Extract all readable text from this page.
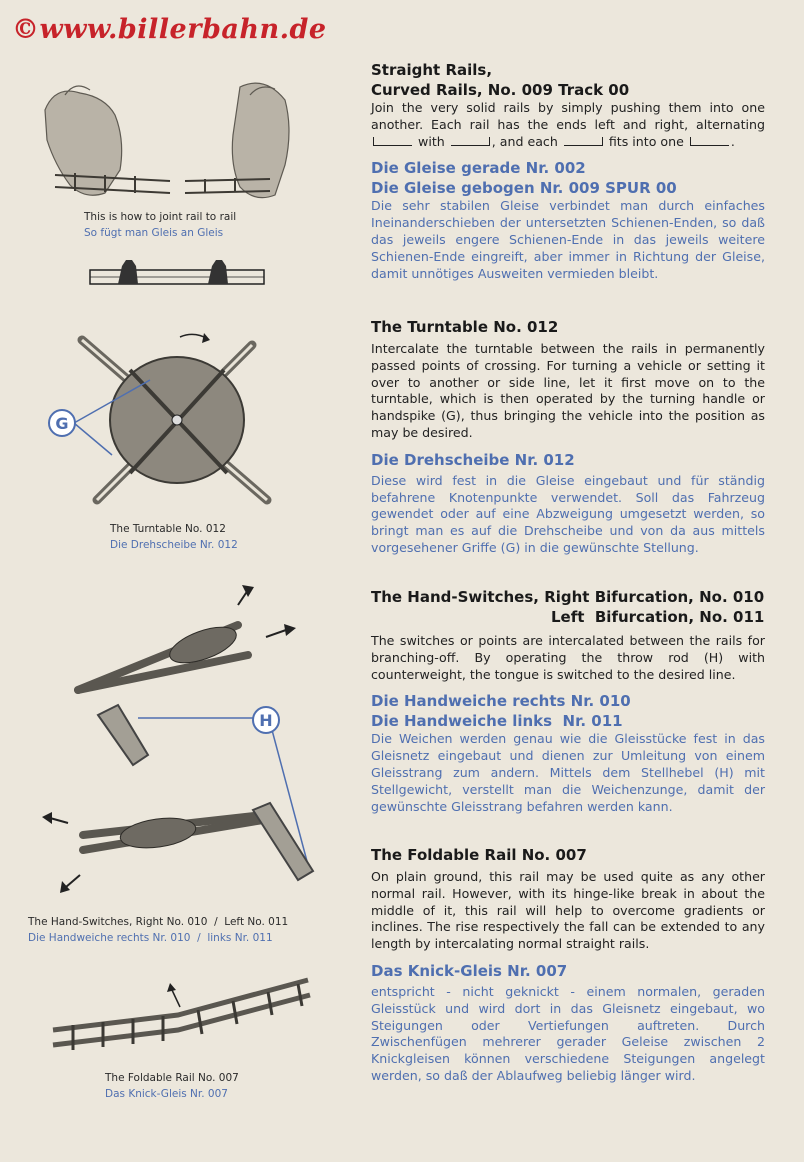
©www.billerbahn.de
This is how to joint rail to rail
So fügt man Gleis an Gleis
G
The Turntable No. 012
Die Drehscheibe Nr. 012
H
The Hand-Switches, Right No. 010  /  Left No. 011
Die Handweiche rechts Nr. 010  /  links Nr. 011
The Foldable Rail No. 007
Das Knick-Gleis Nr. 007

Straight Rails,

Curved Rails, No. 009 Track 00

Join the very solid rails by simply pushing them into one another. Each rail has the ends left and right, alternating  with	, and each	fits into one	.

Die Gleise gerade Nr. 002

Die Gleise gebogen Nr. 009 SPUR 00

Die sehr stabilen Gleise verbindet man durch einfaches Ineinanderschieben der untersetzten Schienen-Enden, so daß das jeweils engere Schienen-Ende in das jeweils weitere Schienen-Ende eingreift, aber immer in Richtung der Gleise, damit unnötiges Ausweiten vermieden bleibt.

The Turntable No. 012

Intercalate the turntable between the rails in permanently passed points of crossing. For turning a vehicle or setting it over to another or side line, let it first move on to the turntable, which is then operated by the turning handle or handspike (G), thus bringing the vehicle into the position as may be desired.

Die Drehscheibe Nr. 012

Diese wird fest in die Gleise eingebaut und für ständig befahrene Knotenpunkte verwendet. Soll das Fahrzeug gewendet oder auf eine Abzweigung umgesetzt werden, so bringt man es auf die Drehscheibe und von da aus mittels vorgesehener Griffe (G) in die gewünschte Stellung.

The Hand-Switches, Right Bifurcation, No. 010

Left  Bifurcation, No. 011

The switches or points are intercalated between the rails for branching-off. By operating the throw rod (H) with counterweight, the tongue is switched to the desired line.

Die Handweiche rechts Nr. 010

Die Handweiche links  Nr. 011

Die Weichen werden genau wie die Gleisstücke fest in das Gleisnetz eingebaut und dienen zur Umleitung von einem Gleisstrang zum andern. Mittels dem Stellhebel (H) mit Stellgewicht, verstellt man die Weichenzunge, damit der gewünschte Gleisstrang befahren werden kann.

The Foldable Rail No. 007

On plain ground, this rail may be used quite as any other normal rail. However, with its hinge-like break in about the middle of it, this rail will help to overcome gradients or inclines. The rise respectively the fall can be extended to any length by intercalating normal straight rails.

Das Knick-Gleis Nr. 007

entspricht - nicht geknickt - einem normalen, geraden Gleisstück und wird dort in das Gleisnetz eingebaut, wo Steigungen oder Vertiefungen auftreten. Durch Zwischenfügen mehrerer gerader Geleise zwischen 2 Knickgleisen können verschiedene Steigungen angelegt werden, so daß der Ablaufweg beliebig länger wird.
